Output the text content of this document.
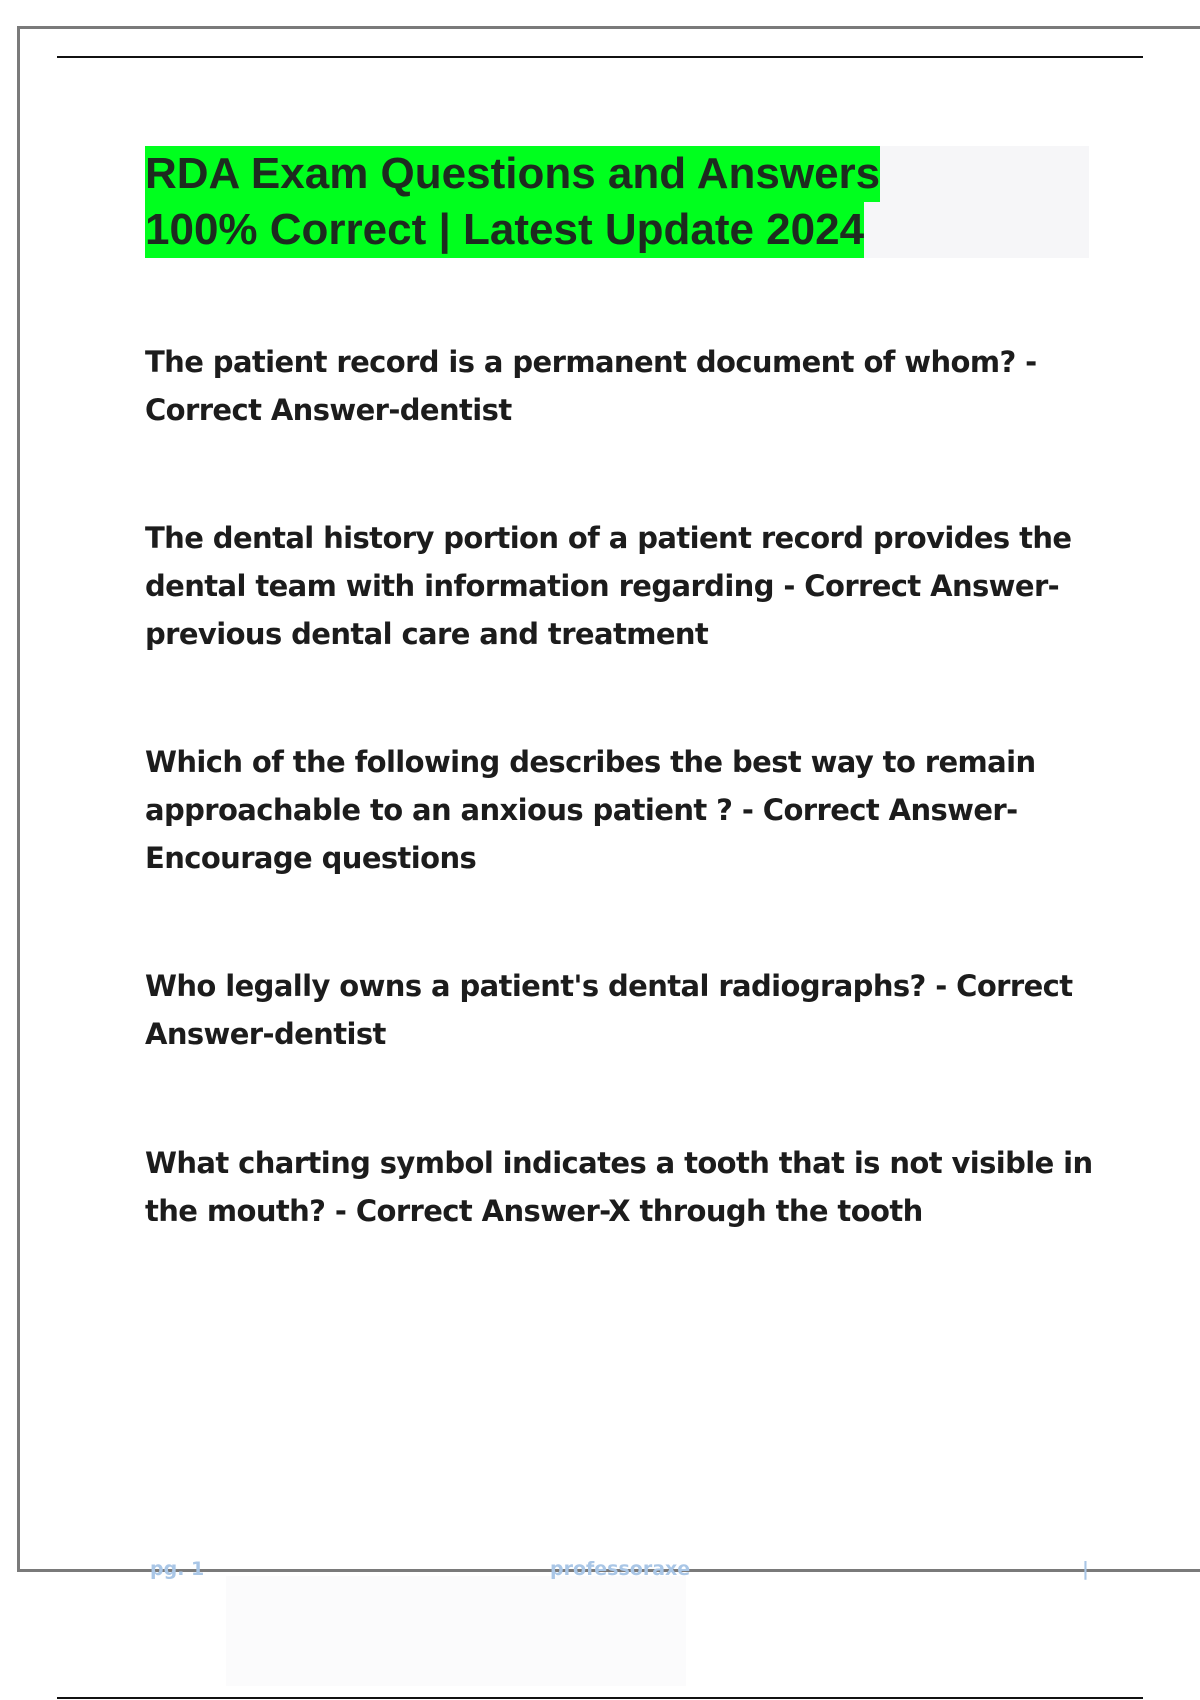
RDA Exam Questions and Answers
100% Correct | Latest Update 2024
The patient record is a permanent document of whom? -
Correct Answer-dentist
The dental history portion of a patient record provides the
dental team with information regarding - Correct Answer-
previous dental care and treatment
Which of the following describes the best way to remain
approachable to an anxious patient ? - Correct Answer-
Encourage questions
Who legally owns a patient's dental radiographs? - Correct
Answer-dentist
What charting symbol indicates a tooth that is not visible in
the mouth? - Correct Answer-X through the tooth
pg. 1	professoraxe	|
